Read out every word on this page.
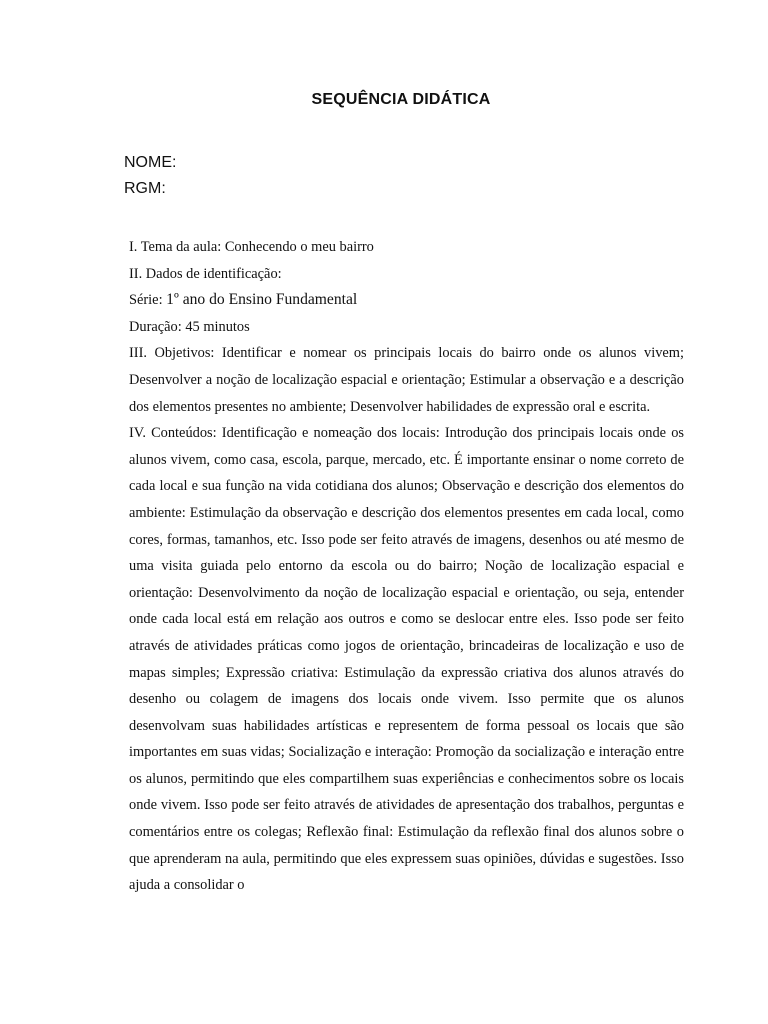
SEQUÊNCIA DIDÁTICA
NOME:
RGM:
I. Tema da aula: Conhecendo o meu bairro
II. Dados de identificação:
Série: 1º ano do Ensino Fundamental
Duração: 45 minutos
III. Objetivos: Identificar e nomear os principais locais do bairro onde os alunos vivem; Desenvolver a noção de localização espacial e orientação; Estimular a observação e a descrição dos elementos presentes no ambiente; Desenvolver habilidades de expressão oral e escrita.
IV. Conteúdos: Identificação e nomeação dos locais: Introdução dos principais locais onde os alunos vivem, como casa, escola, parque, mercado, etc. É importante ensinar o nome correto de cada local e sua função na vida cotidiana dos alunos; Observação e descrição dos elementos do ambiente: Estimulação da observação e descrição dos elementos presentes em cada local, como cores, formas, tamanhos, etc. Isso pode ser feito através de imagens, desenhos ou até mesmo de uma visita guiada pelo entorno da escola ou do bairro; Noção de localização espacial e orientação: Desenvolvimento da noção de localização espacial e orientação, ou seja, entender onde cada local está em relação aos outros e como se deslocar entre eles. Isso pode ser feito através de atividades práticas como jogos de orientação, brincadeiras de localização e uso de mapas simples; Expressão criativa: Estimulação da expressão criativa dos alunos através do desenho ou colagem de imagens dos locais onde vivem. Isso permite que os alunos desenvolvam suas habilidades artísticas e representem de forma pessoal os locais que são importantes em suas vidas; Socialização e interação: Promoção da socialização e interação entre os alunos, permitindo que eles compartilhem suas experiências e conhecimentos sobre os locais onde vivem. Isso pode ser feito através de atividades de apresentação dos trabalhos, perguntas e comentários entre os colegas; Reflexão final: Estimulação da reflexão final dos alunos sobre o que aprenderam na aula, permitindo que eles expressem suas opiniões, dúvidas e sugestões. Isso ajuda a consolidar o
